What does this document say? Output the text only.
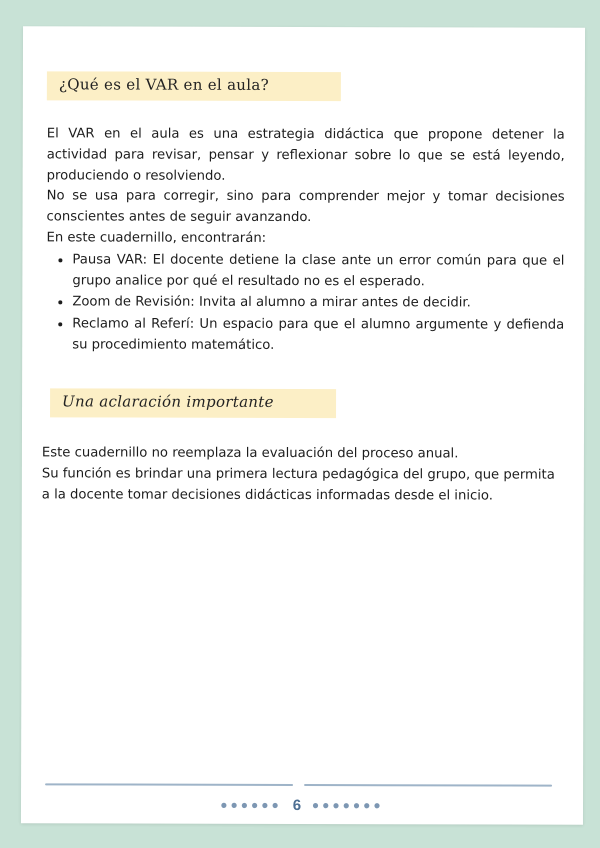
¿Qué es el VAR en el aula?

El VAR en el aula es una estrategia didáctica que propone detener la actividad para revisar, pensar y reflexionar sobre lo que se está leyendo, produciendo o resolviendo.

No se usa para corregir, sino para comprender mejor y tomar decisiones conscientes antes de seguir avanzando.

En este cuadernillo, encontrarán:

• Pausa VAR: El docente detiene la clase ante un error común para que el grupo analice por qué el resultado no es el esperado.
• Zoom de Revisión: Invita al alumno a mirar antes de decidir.
• Reclamo al Referí: Un espacio para que el alumno argumente y defienda su procedimiento matemático.
Una aclaración importante

Este cuadernillo no reemplaza la evaluación del proceso anual.

Su función es brindar una primera lectura pedagógica del grupo, que permita a la docente tomar decisiones didácticas informadas desde el inicio.

●●●●●● 6 ●●●●●●●
